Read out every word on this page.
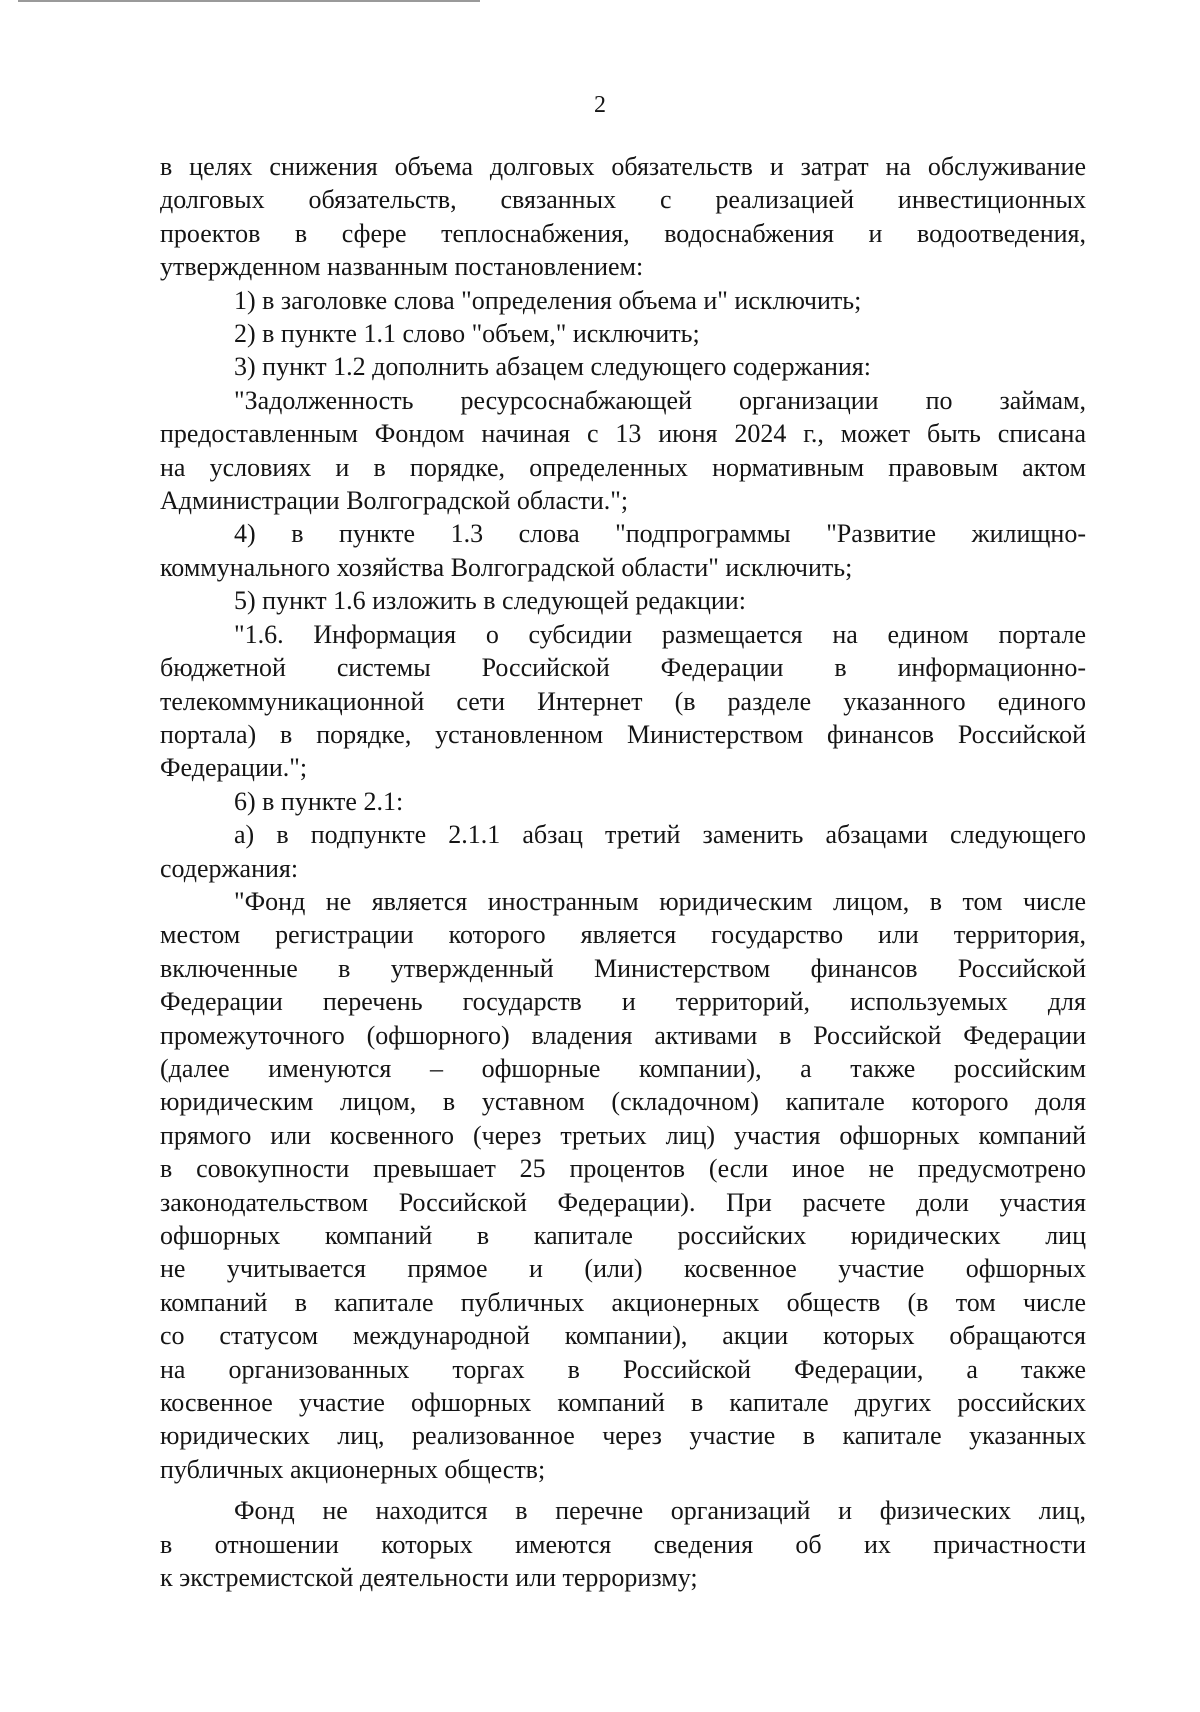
2

в целях снижения объема долговых обязательств и затрат на обслуживание
долговых обязательств, связанных с реализацией инвестиционных
проектов в сфере теплоснабжения, водоснабжения и водоотведения,
утвержденном названным постановлением:

1) в заголовке слова "определения объема и" исключить;

2) в пункте 1.1 слово "объем," исключить;

3) пункт 1.2 дополнить абзацем следующего содержания:

"Задолженность ресурсоснабжающей организации по займам,
предоставленным Фондом начиная с 13 июня 2024 г., может быть списана
на условиях и в порядке, определенных нормативным правовым актом
Администрации Волгоградской области.";

4) в пункте 1.3 слова "подпрограммы "Развитие жилищно-
коммунального хозяйства Волгоградской области" исключить;

5) пункт 1.6 изложить в следующей редакции:

"1.6. Информация о субсидии размещается на едином портале
бюджетной системы Российской Федерации в информационно-
телекоммуникационной сети Интернет (в разделе указанного единого
портала) в порядке, установленном Министерством финансов Российской
Федерации.";

6) в пункте 2.1:

а) в подпункте 2.1.1 абзац третий заменить абзацами следующего
содержания:

"Фонд не является иностранным юридическим лицом, в том числе
местом регистрации которого является государство или территория,
включенные в утвержденный Министерством финансов Российской
Федерации перечень государств и территорий, используемых для
промежуточного (офшорного) владения активами в Российской Федерации
(далее именуются – офшорные компании), а также российским
юридическим лицом, в уставном (складочном) капитале которого доля
прямого или косвенного (через третьих лиц) участия офшорных компаний
в совокупности превышает 25 процентов (если иное не предусмотрено
законодательством Российской Федерации). При расчете доли участия
офшорных компаний в капитале российских юридических лиц
не учитывается прямое и (или) косвенное участие офшорных
компаний в капитале публичных акционерных обществ (в том числе
со статусом международной компании), акции которых обращаются
на организованных торгах в Российской Федерации, а также
косвенное участие офшорных компаний в капитале других российских
юридических лиц, реализованное через участие в капитале указанных
публичных акционерных обществ;

Фонд не находится в перечне организаций и физических лиц,
в отношении которых имеются сведения об их причастности
к экстремистской деятельности или терроризму;
